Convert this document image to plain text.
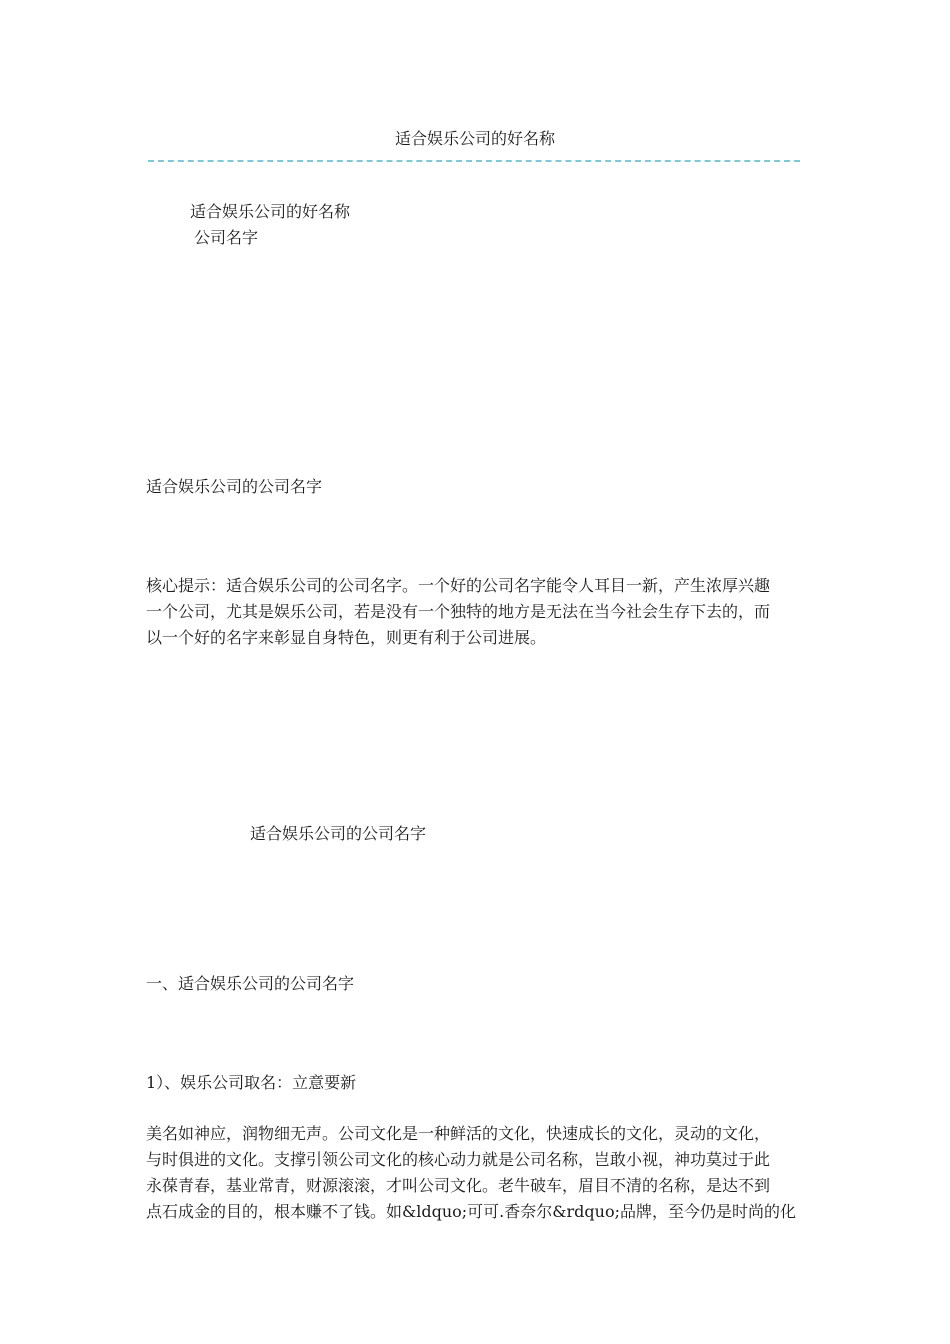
适合娱乐公司的好名称
适合娱乐公司的好名称
公司名字
适合娱乐公司的公司名字
核心提示：适合娱乐公司的公司名字。一个好的公司名字能令人耳目一新，产生浓厚兴趣
一个公司，尤其是娱乐公司，若是没有一个独特的地方是无法在当今社会生存下去的，而
以一个好的名字来彰显自身特色，则更有利于公司进展。
适合娱乐公司的公司名字
一、适合娱乐公司的公司名字
1）、娱乐公司取名：立意要新
美名如神应，润物细无声。公司文化是一种鲜活的文化，快速成长的文化，灵动的文化，
与时俱进的文化。支撑引领公司文化的核心动力就是公司名称，岂敢小视，神功莫过于此
永葆青春，基业常青，财源滚滚，才叫公司文化。老牛破车，眉目不清的名称，是达不到
点石成金的目的，根本赚不了钱。如&ldquo;可可.香奈尔&rdquo;品牌，至今仍是时尚的化
